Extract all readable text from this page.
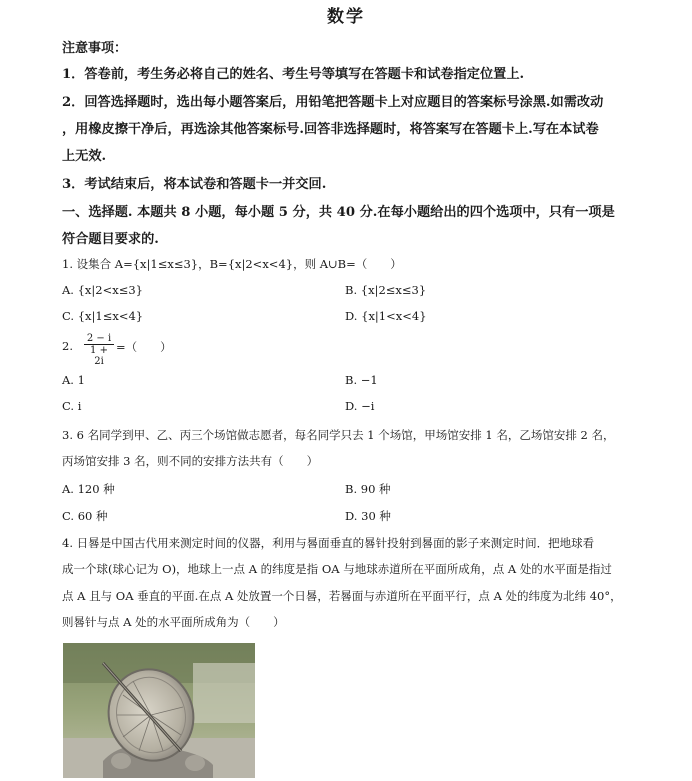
数学
注意事项：
1．答卷前，考生务必将自己的姓名、考生号等填写在答题卡和试卷指定位置上.
2．回答选择题时，选出每小题答案后，用铅笔把答题卡上对应题目的答案标号涂黑.如需改动
，用橡皮擦干净后，再选涂其他答案标号.回答非选择题时，将答案写在答题卡上.写在本试卷
上无效.
3．考试结束后，将本试卷和答题卡一并交回.
一、选择题. 本题共 8 小题，每小题 5 分，共 40 分.在每小题给出的四个选项中，只有一项是
符合题目要求的.
1. 设集合 A={x|1≤x≤3}，B={x|2<x<4}，则 A∪B=（　　）
A. {x|2<x≤3}	B. {x|2≤x≤3}
C. {x|1≤x<4}	D. {x|1<x<4}
2. $\frac{2 - i}{1 + 2i}$ =（　　）
A. 1	B. −1
C. i	D. −i
3. 6 名同学到甲、乙、丙三个场馆做志愿者，每名同学只去 1 个场馆，甲场馆安排 1 名，乙场馆安排 2 名，
丙场馆安排 3 名，则不同的安排方法共有（　　）
A. 120 种	B. 90 种
C. 60 种	D. 30 种
4. 日晷是中国古代用来测定时间的仪器，利用与晷面垂直的晷针投射到晷面的影子来测定时间．把地球看
成一个球(球心记为 O)，地球上一点 A 的纬度是指 OA 与地球赤道所在平面所成角，点 A 处的水平面是指过
点 A 且与 OA 垂直的平面.在点 A 处放置一个日晷，若晷面与赤道所在平面平行，点 A 处的纬度为北纬 40°，
则晷针与点 A 处的水平面所成角为（　　）
